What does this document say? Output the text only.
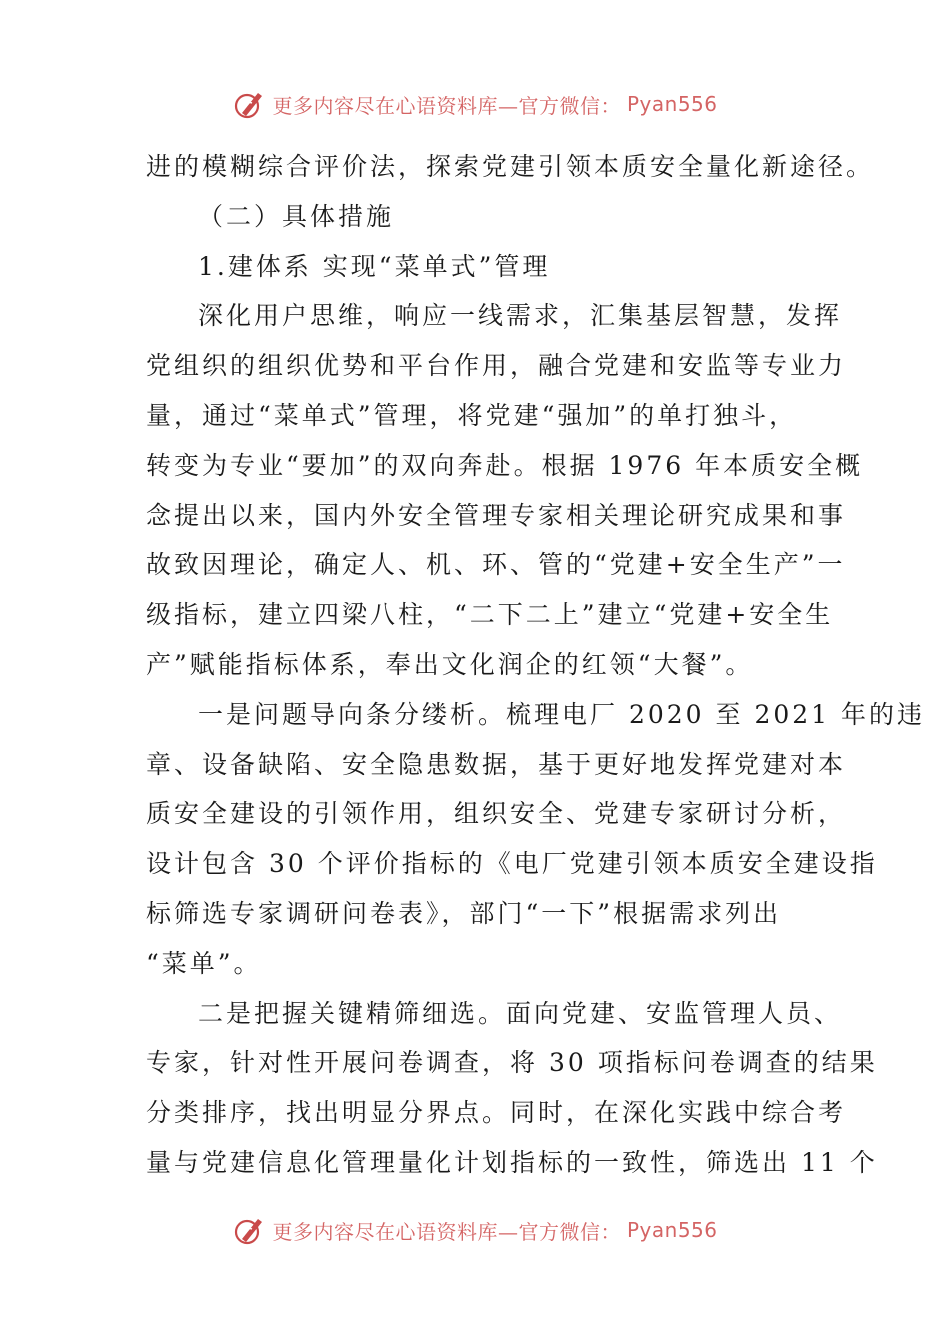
更多内容尽在心语资料库—官方微信： Pyan556
进的模糊综合评价法，探索党建引领本质安全量化新途径。
（二）具体措施
1.建体系 实现“菜单式”管理
深化用户思维，响应一线需求，汇集基层智慧，发挥
党组织的组织优势和平台作用，融合党建和安监等专业力
量，通过“菜单式”管理，将党建“强加”的单打独斗，
转变为专业“要加”的双向奔赴。根据 1976 年本质安全概
念提出以来，国内外安全管理专家相关理论研究成果和事
故致因理论，确定人、机、环、管的“党建+安全生产”一
级指标，建立四梁八柱，“二下二上”建立“党建+安全生
产”赋能指标体系，奉出文化润企的红领“大餐”。
一是问题导向条分缕析。梳理电厂 2020 至 2021 年的违
章、设备缺陷、安全隐患数据，基于更好地发挥党建对本
质安全建设的引领作用，组织安全、党建专家研讨分析，
设计包含 30 个评价指标的《电厂党建引领本质安全建设指
标筛选专家调研问卷表》，部门“一下”根据需求列出
“菜单”。
二是把握关键精筛细选。面向党建、安监管理人员、
专家，针对性开展问卷调查，将 30 项指标问卷调查的结果
分类排序，找出明显分界点。同时，在深化实践中综合考
量与党建信息化管理量化计划指标的一致性，筛选出 11 个
更多内容尽在心语资料库—官方微信： Pyan556
